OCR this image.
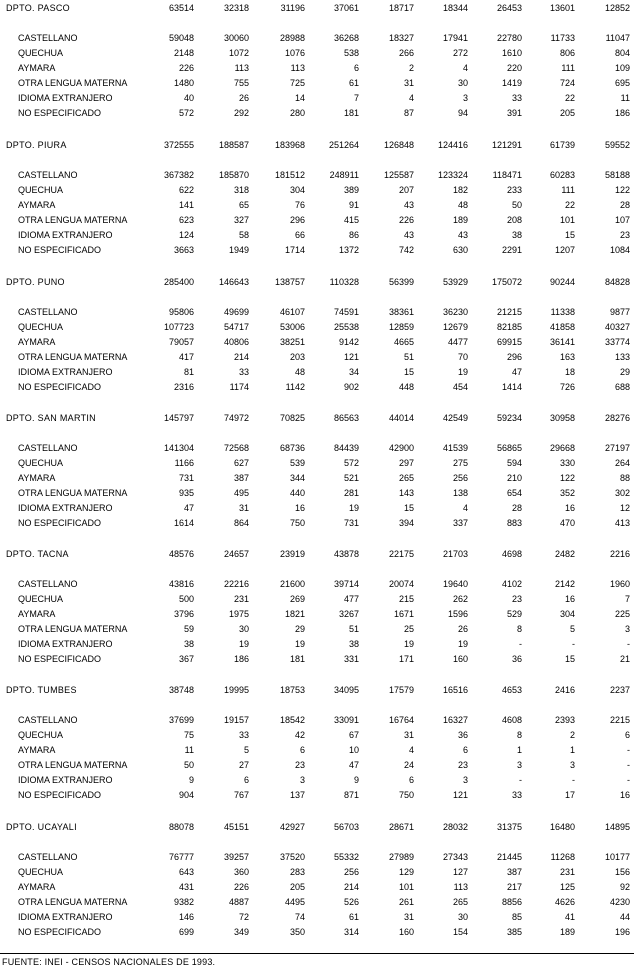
DPTO. PASCO	63514	32318	31196	37061	18717	18344	26453	13601	12852
CASTELLANO	59048	30060	28988	36268	18327	17941	22780	11733	11047
QUECHUA	2148	1072	1076	538	266	272	1610	806	804
AYMARA	226	113	113	6	2	4	220	111	109
OTRA LENGUA MATERNA	1480	755	725	61	31	30	1419	724	695
IDIOMA EXTRANJERO	40	26	14	7	4	3	33	22	11
NO ESPECIFICADO	572	292	280	181	87	94	391	205	186
DPTO. PIURA	372555	188587	183968	251264	126848	124416	121291	61739	59552
CASTELLANO	367382	185870	181512	248911	125587	123324	118471	60283	58188
QUECHUA	622	318	304	389	207	182	233	111	122
AYMARA	141	65	76	91	43	48	50	22	28
OTRA LENGUA MATERNA	623	327	296	415	226	189	208	101	107
IDIOMA EXTRANJERO	124	58	66	86	43	43	38	15	23
NO ESPECIFICADO	3663	1949	1714	1372	742	630	2291	1207	1084
DPTO. PUNO	285400	146643	138757	110328	56399	53929	175072	90244	84828
CASTELLANO	95806	49699	46107	74591	38361	36230	21215	11338	9877
QUECHUA	107723	54717	53006	25538	12859	12679	82185	41858	40327
AYMARA	79057	40806	38251	9142	4665	4477	69915	36141	33774
OTRA LENGUA MATERNA	417	214	203	121	51	70	296	163	133
IDIOMA EXTRANJERO	81	33	48	34	15	19	47	18	29
NO ESPECIFICADO	2316	1174	1142	902	448	454	1414	726	688
DPTO. SAN MARTIN	145797	74972	70825	86563	44014	42549	59234	30958	28276
CASTELLANO	141304	72568	68736	84439	42900	41539	56865	29668	27197
QUECHUA	1166	627	539	572	297	275	594	330	264
AYMARA	731	387	344	521	265	256	210	122	88
OTRA LENGUA MATERNA	935	495	440	281	143	138	654	352	302
IDIOMA EXTRANJERO	47	31	16	19	15	4	28	16	12
NO ESPECIFICADO	1614	864	750	731	394	337	883	470	413
DPTO. TACNA	48576	24657	23919	43878	22175	21703	4698	2482	2216
CASTELLANO	43816	22216	21600	39714	20074	19640	4102	2142	1960
QUECHUA	500	231	269	477	215	262	23	16	7
AYMARA	3796	1975	1821	3267	1671	1596	529	304	225
OTRA LENGUA MATERNA	59	30	29	51	25	26	8	5	3
IDIOMA EXTRANJERO	38	19	19	38	19	19	-	-	-
NO ESPECIFICADO	367	186	181	331	171	160	36	15	21
DPTO. TUMBES	38748	19995	18753	34095	17579	16516	4653	2416	2237
CASTELLANO	37699	19157	18542	33091	16764	16327	4608	2393	2215
QUECHUA	75	33	42	67	31	36	8	2	6
AYMARA	11	5	6	10	4	6	1	1	-
OTRA LENGUA MATERNA	50	27	23	47	24	23	3	3	-
IDIOMA EXTRANJERO	9	6	3	9	6	3	-	-	-
NO ESPECIFICADO	904	767	137	871	750	121	33	17	16
DPTO. UCAYALI	88078	45151	42927	56703	28671	28032	31375	16480	14895
CASTELLANO	76777	39257	37520	55332	27989	27343	21445	11268	10177
QUECHUA	643	360	283	256	129	127	387	231	156
AYMARA	431	226	205	214	101	113	217	125	92
OTRA LENGUA MATERNA	9382	4887	4495	526	261	265	8856	4626	4230
IDIOMA EXTRANJERO	146	72	74	61	31	30	85	41	44
NO ESPECIFICADO	699	349	350	314	160	154	385	189	196
FUENTE: INEI - CENSOS NACIONALES DE 1993.
